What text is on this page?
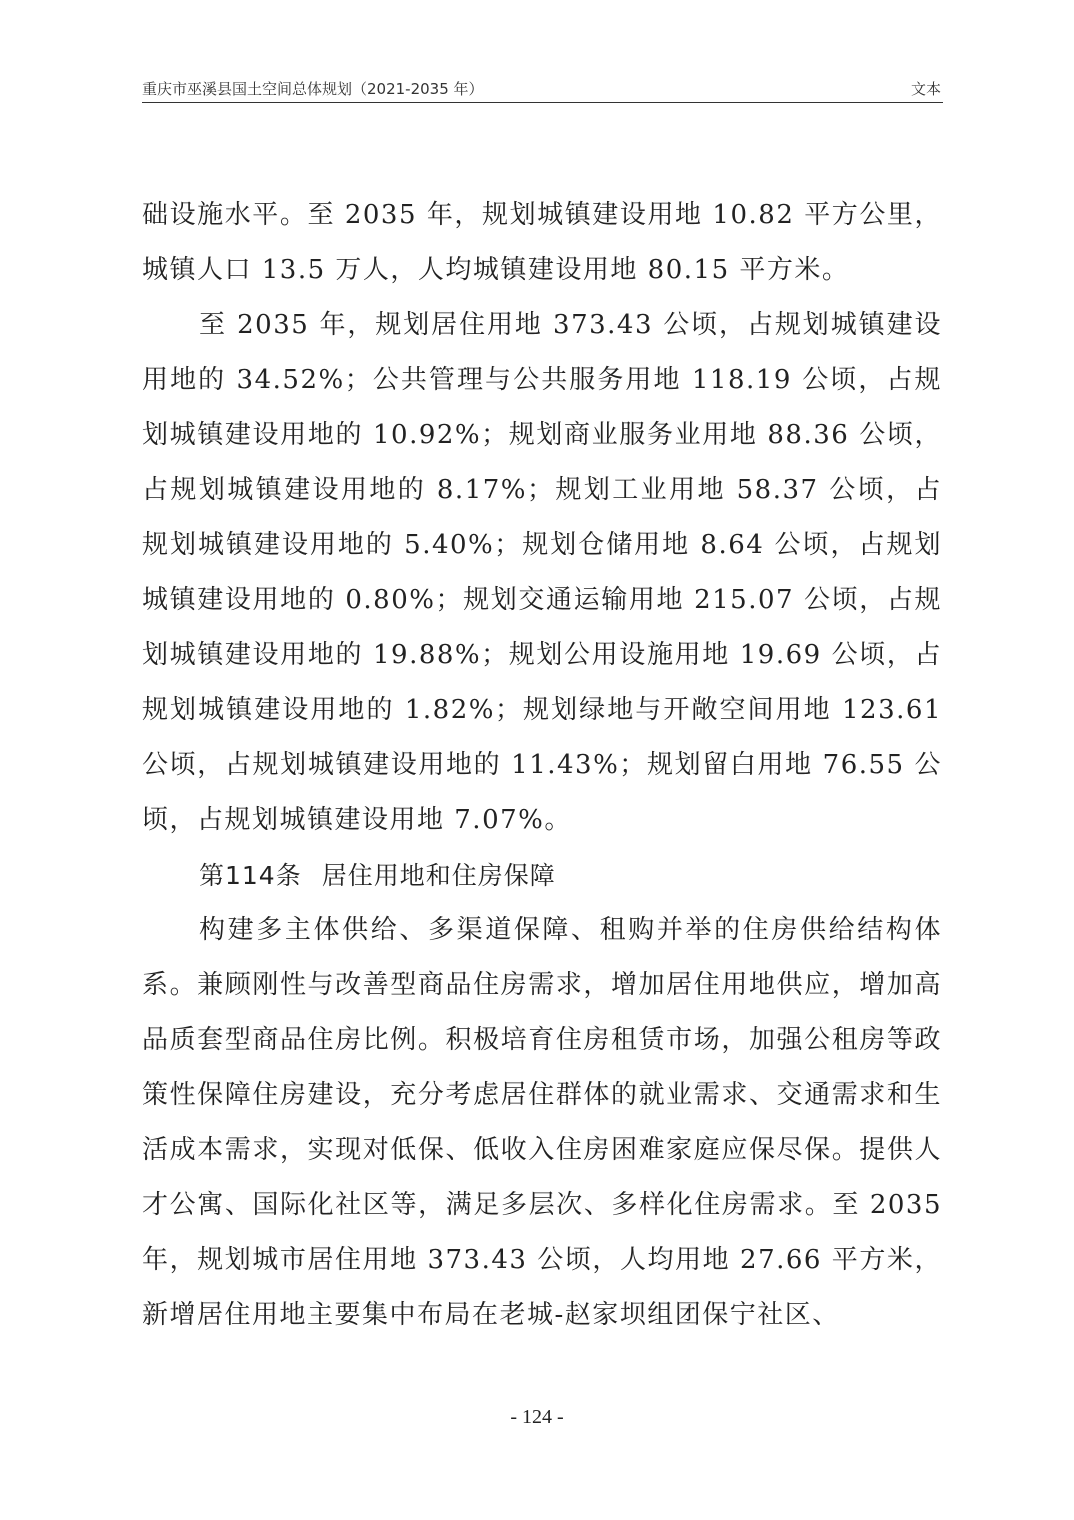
重庆市巫溪县国土空间总体规划（2021-2035 年）	文本

础设施水平。至 2035 年，规划城镇建设用地 10.82 平方公里，城镇人口 13.5 万人，人均城镇建设用地 80.15 平方米。

至 2035 年，规划居住用地 373.43 公顷，占规划城镇建设用地的 34.52%；公共管理与公共服务用地 118.19 公顷，占规划城镇建设用地的 10.92%；规划商业服务业用地 88.36 公顷，占规划城镇建设用地的 8.17%；规划工业用地 58.37 公顷，占规划城镇建设用地的 5.40%；规划仓储用地 8.64 公顷，占规划城镇建设用地的 0.80%；规划交通运输用地 215.07 公顷，占规划城镇建设用地的 19.88%；规划公用设施用地 19.69 公顷，占规划城镇建设用地的 1.82%；规划绿地与开敞空间用地 123.61 公顷，占规划城镇建设用地的 11.43%；规划留白用地 76.55 公顷，占规划城镇建设用地 7.07%。

第114条 居住用地和住房保障

构建多主体供给、多渠道保障、租购并举的住房供给结构体系。兼顾刚性与改善型商品住房需求，增加居住用地供应，增加高品质套型商品住房比例。积极培育住房租赁市场，加强公租房等政策性保障住房建设，充分考虑居住群体的就业需求、交通需求和生活成本需求，实现对低保、低收入住房困难家庭应保尽保。提供人才公寓、国际化社区等，满足多层次、多样化住房需求。至 2035 年，规划城市居住用地 373.43 公顷，人均用地 27.66 平方米，新增居住用地主要集中布局在老城-赵家坝组团保宁社区、

- 124 -
